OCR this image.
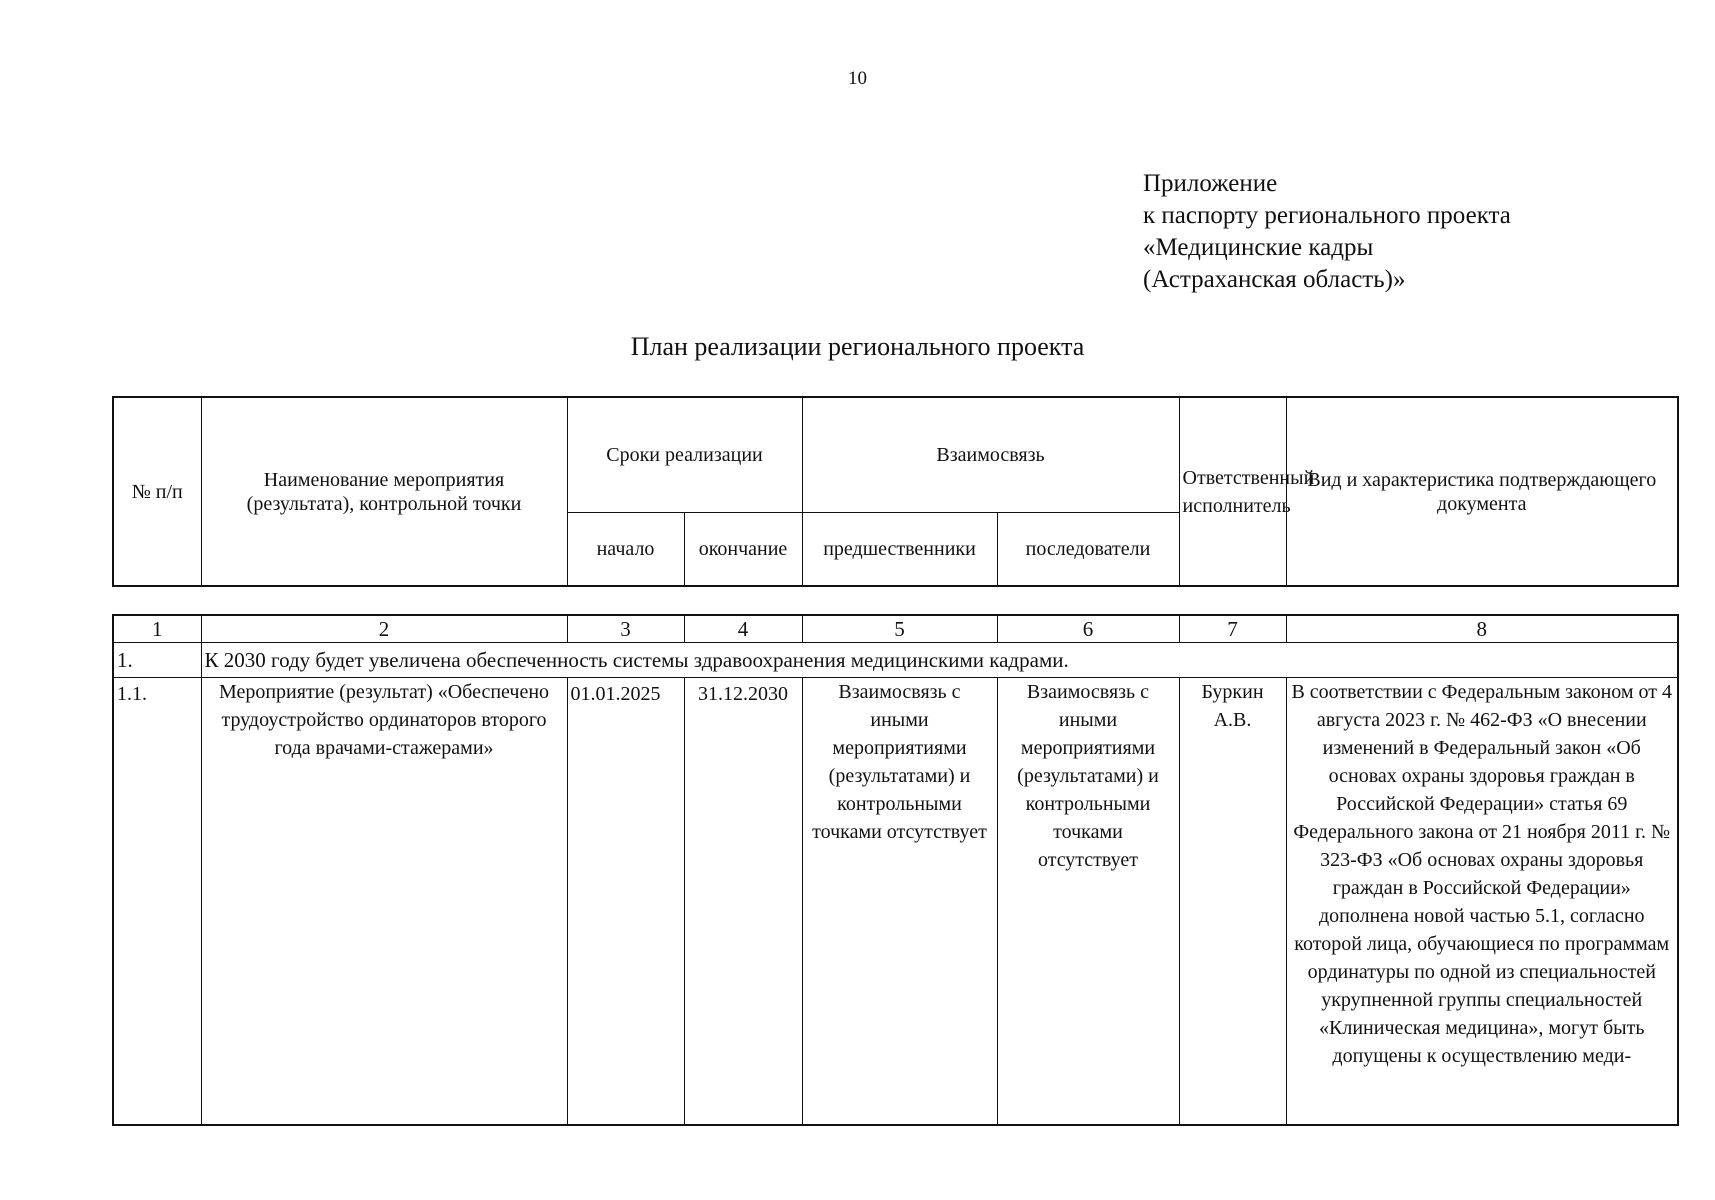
10
Приложение
к паспорту регионального проекта
«Медицинские кадры
(Астраханская область)»
План реализации регионального проекта
№ п/п	Наименование мероприятия (результата), контрольной точки	Сроки реализации		Взаимосвязь		Ответственный исполнитель	Вид и характеристика подтверждающего документа
		начало	окончание	предшественники	последователи		
1	2	3	4	5	6	7	8
1.	К 2030 году будет увеличена обеспеченность системы здравоохранения медицинскими кадрами.						
1.1.	Мероприятие (результат) «Обеспечено трудоустройство ординаторов второго года врачами-стажерами»	01.01.2025	31.12.2030	Взаимосвязь с иными мероприятиями (результатами) и контрольными точками отсутствует	Взаимосвязь с иными мероприятиями (результатами) и контрольными точками отсутствует	Буркин А.В.	В соответствии с Федеральным законом от 4 августа 2023 г. № 462-ФЗ «О внесении изменений в Федеральный закон «Об основах охраны здоровья граждан в Российской Федерации» статья 69 Федерального закона от 21 ноября 2011 г. № 323-ФЗ «Об основах охраны здоровья граждан в Российской Федерации» дополнена новой частью 5.1, согласно которой лица, обучающиеся по программам ординатуры по одной из специальностей укрупненной группы специальностей «Клиническая медицина», могут быть допущены к осуществлению меди-
